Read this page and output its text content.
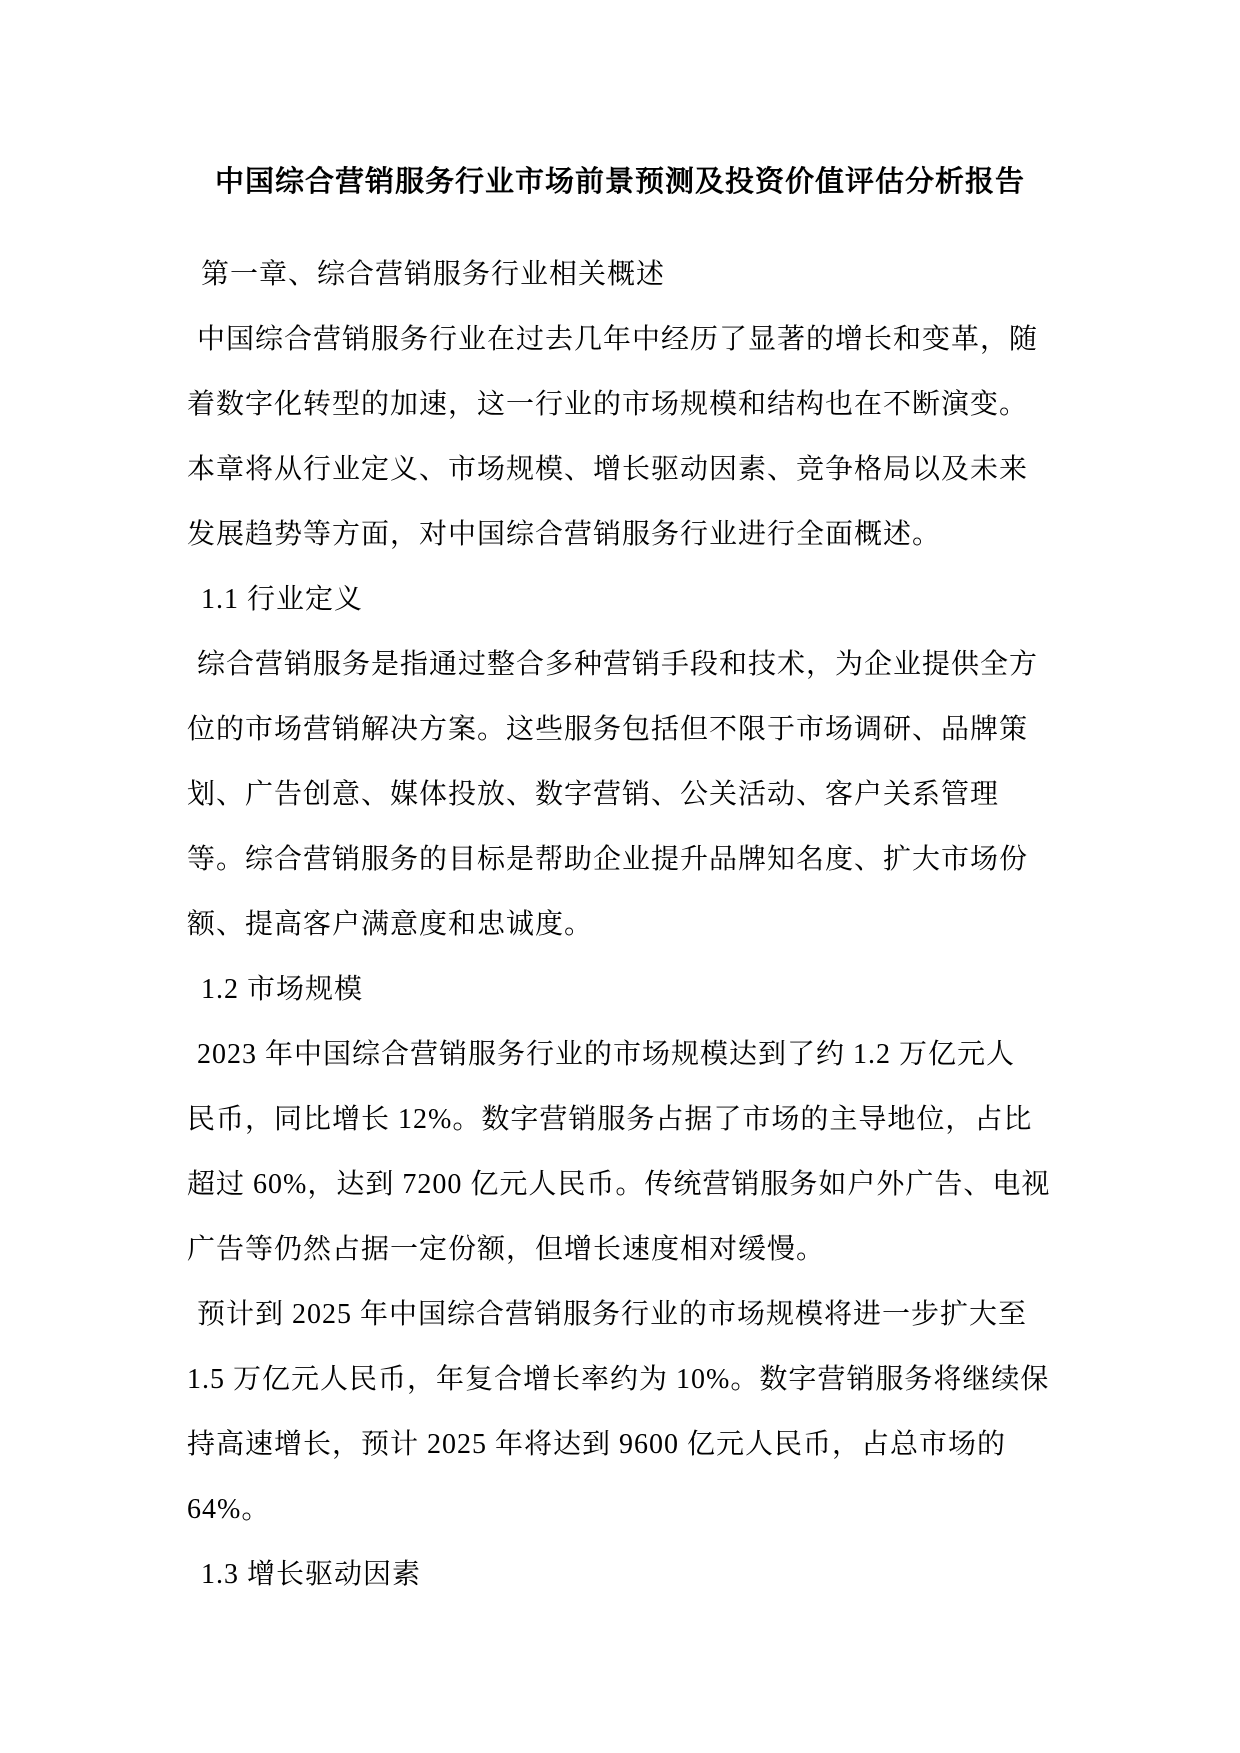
中国综合营销服务行业市场前景预测及投资价值评估分析报告
第一章、综合营销服务行业相关概述
中国综合营销服务行业在过去几年中经历了显著的增长和变革，随
着数字化转型的加速，这一行业的市场规模和结构也在不断演变。
本章将从行业定义、市场规模、增长驱动因素、竞争格局以及未来
发展趋势等方面，对中国综合营销服务行业进行全面概述。
1.1 行业定义
综合营销服务是指通过整合多种营销手段和技术，为企业提供全方
位的市场营销解决方案。这些服务包括但不限于市场调研、品牌策
划、广告创意、媒体投放、数字营销、公关活动、客户关系管理
等。综合营销服务的目标是帮助企业提升品牌知名度、扩大市场份
额、提高客户满意度和忠诚度。
1.2 市场规模
2023 年中国综合营销服务行业的市场规模达到了约 1.2 万亿元人
民币，同比增长 12%。数字营销服务占据了市场的主导地位，占比
超过 60%，达到 7200 亿元人民币。传统营销服务如户外广告、电视
广告等仍然占据一定份额，但增长速度相对缓慢。
预计到 2025 年中国综合营销服务行业的市场规模将进一步扩大至
1.5 万亿元人民币，年复合增长率约为 10%。数字营销服务将继续保
持高速增长，预计 2025 年将达到 9600 亿元人民币，占总市场的
64%。
1.3 增长驱动因素
